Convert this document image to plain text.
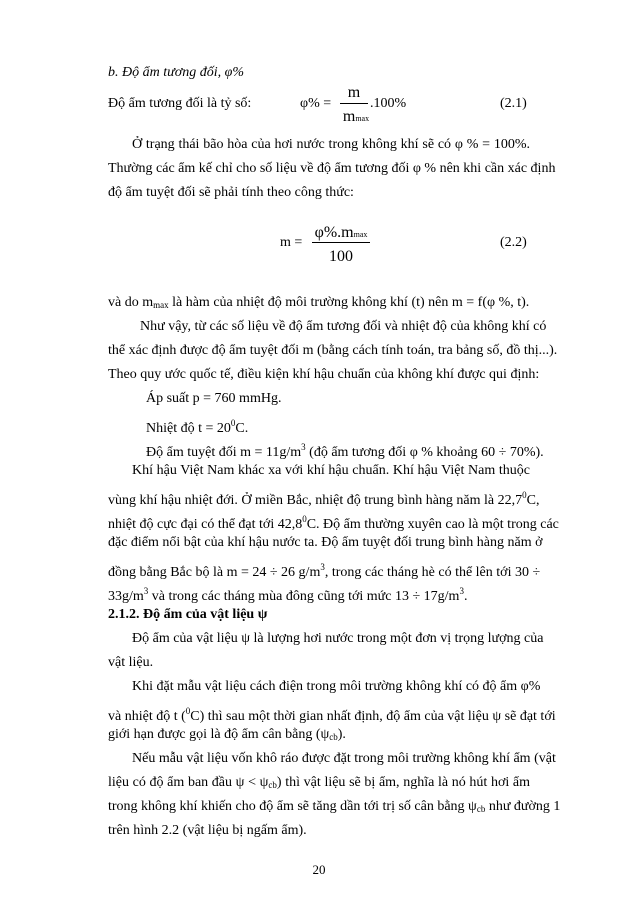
b. Độ ẩm tương đối, φ%
Độ ẩm tương đối là tỷ số:	φ% =
m
mmax
.100%	(2.1)
Ở trạng thái bão hòa của hơi nước trong không khí sẽ có φ % = 100%.
Thường các ẩm kế chỉ cho số liệu về độ ẩm tương đối φ % nên khi cần xác định
độ ẩm tuyệt đối sẽ phải tính theo công thức:
m =
φ%.mmax
100
(2.2)
và do $m_{max}$ là hàm của nhiệt độ môi trường không khí (t) nên m = f(φ %, t).
Như vậy, từ các số liệu về độ ẩm tương đối và nhiệt độ của không khí có
thể xác định được độ ẩm tuyệt đối m (bằng cách tính toán, tra bảng số, đồ thị...).
Theo quy ước quốc tế, điều kiện khí hậu chuẩn của không khí được qui định:
Áp suất p = 760 mmHg.
Nhiệt độ $t = 20^0C$.
Độ ẩm tuyệt đối $m = 11g/m^3$ (độ ẩm tương đối φ % khoảng 60 ÷ 70%).
Khí hậu Việt Nam khác xa với khí hậu chuẩn. Khí hậu Việt Nam thuộc
vùng khí hậu nhiệt đới. Ở miền Bắc, nhiệt độ trung bình hàng năm là 22,7$^0$C,
nhiệt độ cực đại có thể đạt tới 42,8$^0$C. Độ ẩm thường xuyên cao là một trong các
đặc điểm nổi bật của khí hậu nước ta. Độ ẩm tuyệt đối trung bình hàng năm ở
đồng bằng Bắc bộ là m = 24 ÷ 26 $g/m^3$, trong các tháng hè có thể lên tới 30 ÷
$33g/m^3$ và trong các tháng mùa đông cũng tới mức $13 \div 17g/m^3$.
2.1.2. Độ ẩm của vật liệu ψ
Độ ẩm của vật liệu ψ là lượng hơi nước trong một đơn vị trọng lượng của
vật liệu.
Khi đặt mẫu vật liệu cách điện trong môi trường không khí có độ ẩm φ%
và nhiệt độ t ($^0$C) thì sau một thời gian nhất định, độ ẩm của vật liệu ψ sẽ đạt tới
giới hạn được gọi là độ ẩm cân bằng $(\psi_{cb})$.
Nếu mẫu vật liệu vốn khô ráo được đặt trong môi trường không khí ẩm (vật
liệu có độ ẩm ban đầu $\psi < \psi_{cb}$) thì vật liệu sẽ bị ẩm, nghĩa là nó hút hơi ẩm
trong không khí khiến cho độ ẩm sẽ tăng dần tới trị số cân bằng $\psi_{cb}$ như đường 1
trên hình 2.2 (vật liệu bị ngấm ẩm).
20
